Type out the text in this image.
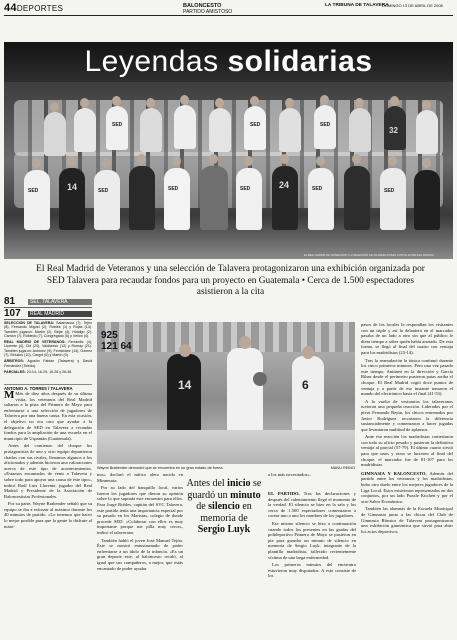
44DEPORTES	BALONCESTO
PARTIDO AMISTOSO
LA TRIBUNA DE TALAVERA
DOMINGO 13 DE ABRIL DE 2008
SED	SED	SED	SED	SED	SED
SED	SED	SED
14	24
32
Leyendas solidarias
EL REAL MADRID DE VETERANOS Y LA SELECCIÓN DE TALAVERA POSAN JUNTOS ANTES DEL PARTIDO
El Real Madrid de Veteranos y una selección de Talavera protagonizaron una exhibición organizada por SED Talavera para recaudar fondos para un proyecto en Guatemala • Cerca de 1.500 espectadores asistieron a la cita
81	SEL. TALAVERA
107	REAL MADRID

SELECCIÓN DE TALAVERA: Salamanca (7), Tejón (8), Fernando Miguel (2), Robles (1) y Rojas (14). También jugaron: Martín (2), Béjar (4), Hidalgo (2), Carrión (7), Robledo (7), Congregado (5) y Vellón (4).

REAL MADRID DE VETERANOS: Ferrándiz (4), Llorente (4), Cid (20), Valdivieso (12) y Romay (21). También jugaron: Antúnez (9), Fernández (14), Gómez (7), Biriukov (10), Cargol (6) y Martín (0).

ÁRBITROS: Agustín Fabián (Talavera) y David Fernández (Toledo).

PARCIALES: 23-14, 16-29, 16-28 y 26-36.

ANTONIO A. TORRES / TALAVERA

M Más de diez años después de su última visita, los veteranos del Real Madrid saltaron a la pista del Primero de Mayo para enfrentarse a una selección de jugadores de Talavera por una buena causa. En esta ocasión, el objetivo no era otro que ayudar a la delegación de SED en Talavera a recaudar fondos para la ampliación de una escuela en el municipio de Uspantán (Guatemala).

Antes del comienzo del choque los protagonistas de uno y otro equipo departieron charlas con sus rivales, llenamos algunos a los aficionados y además hicieron una valoraciones acerca de este tipo de acontecimientos. «Estamos encantados de venir a Talavera y sobre todo para apoyar una causa de este tipo», indicó Raúl Luis Llorente, jugador del Real Madrid y Presidente de la Asociación de Baloncestistas Profesionales.

Por su parte, Wayne Brabender señaló que su equipo se iba a esforzar al máximo durante los 40 minutos de partido. «Lo tenemos que hacer lo mejor posible para que la gente lo disfrute al máxi-

925 121 64
14	6
Wayne Brabender demostró que se encuentra en un gran estado de forma.	MANU REINO

mo», declaró el mítico alero nacido en Minnesota.

Por su lado del banquillo local, varios fueron los jugadores que dieron su opinión sobre lo que suponía este encuentro para ellos. Para Jorge Robles, capitán del SVC Talavera, este partido tenía una importancia especial por su pasado en los Maristas, colegio de donde procede SED. «Colaborar con ellos es muy importante porque me pilla muy cerca», indicó el talaverano.

También habló el joven José Manuel Tejón. Éste se mostró entusiasmado de poder enfrentarse a un ídolo de la infancia. «Es un gran deporte este, al baloncesto recaló, al igual que sus compañeros, a mejor, que estás encantado de poder ayudar

a los más necesitados».
Antes del inicio se guardó un minuto de silencio en memoria de Sergio Luyk

EL PARTIDO. Tras las declaraciones y después del calentamiento llegó el momento de la verdad. El silencio se hizo en la sala y los cerca de 1.500 espectadores comenzaron a corear uno a uno los nombres de los jugadores.

Ese mismo silencio se hizo a continuación cuando todos los presentes en las gradas del polideportivo Primero de Mayo se pusieron en pie para guardar un minuto de silencio en memoria de Sergio Luyk, integrante de la plantilla madridista, fallecido recientemente víctima de una larga enfermedad.

Los primeros minutos del encuentro estuvieron muy disputados. A esto consiste de los

pasos de los locales le respondían los visitantes con un triple y así la delantera en el marcador pasaba de un lado a otro sin que al público le diera tiempo a saber quién había anotado. De esta forma, se llegó al final del cuarto con ventaja para los madridistas (23-14).

Tras la reanudación la tónica continuó durante los cinco primeros minutos. Pero una vez pasado este tiempo, Antúnez en la dirección y García Ribas desde el perímetro pusieron patas arriba el choque. El Real Madrid cogió doce puntos de ventaja y a partir de ese instante tomaron el mando del electrónico hasta el final (41-53).

A la vuelta de vestuarios los talaveranos tuvieron una pequeña reacción. Liderados por el pívot Fernando Rejón, los chicos entrenados por Javier Rodríguez recortaron la diferencia sustancialmente y comenzaron a hacer jugadas que levantaron multitud de aplausos.

Ante esa reacción los madridistas contestaron con todo su oficio pesado y pusieron la definitiva ventaja al parcial (57-79). El último cuarto sirvió para que unos y otros se luciesen al final del choque, el marcador fue de 81-107 para los madridistas.

GIMNASIA Y BALONCESTO. Además del partido entre los veteranos y los madridistas, hubo otro duelo entre los mejores jugadores de la Liga Local. Estos estuvieron representados en dos conjuntos, por un lado Puzzle Kitchen y por el otro Sabor Económico.

También las alumnas de la Escuela Municipal de Gimnasia junto a las chicas del Club de Gimnasia Rítmica de Talavera protagonizaron una exhibición gimnástica que sirvió para abrir los actos deportivos.
